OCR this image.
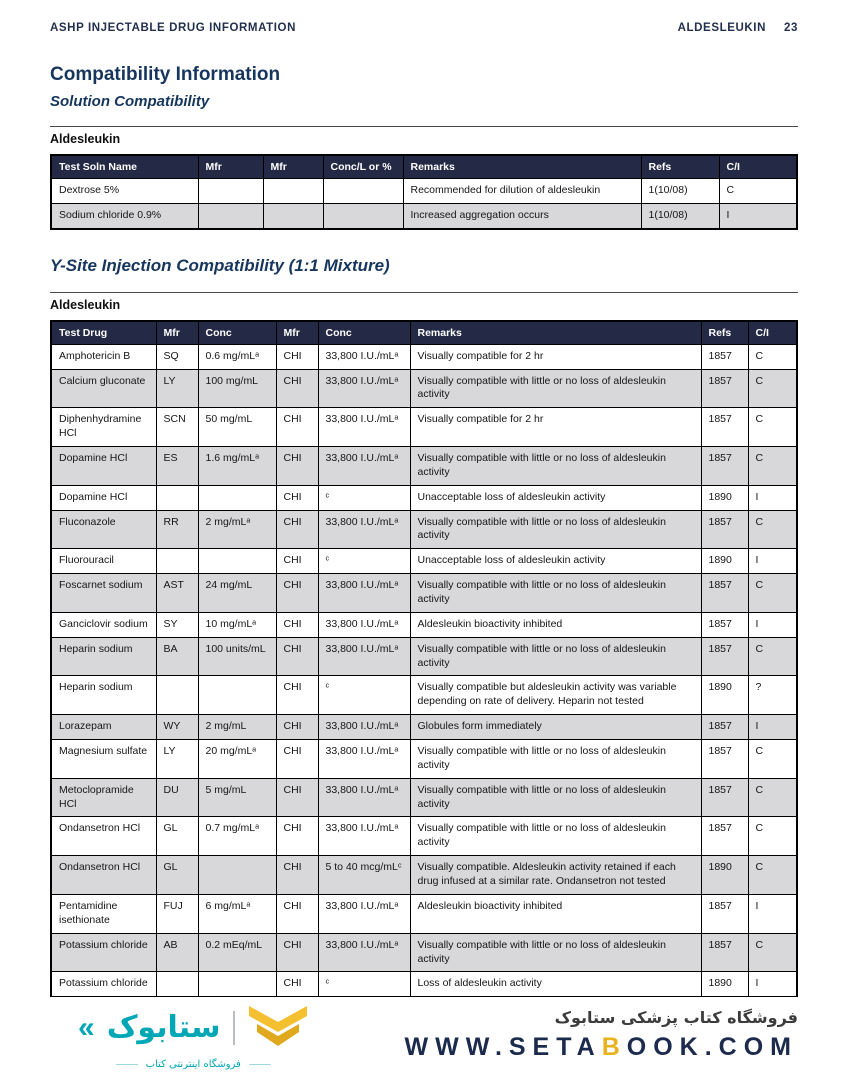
ASHP INJECTABLE DRUG INFORMATION	ALDESLEUKIN 23
Compatibility Information
Solution Compatibility
Aldesleukin
Test Soln Name	Mfr	Mfr	Conc/L or %	Remarks	Refs	C/I
Dextrose 5%				Recommended for dilution of aldesleukin	1(10/08)	C
Sodium chloride 0.9%				Increased aggregation occurs	1(10/08)	I
Y-Site Injection Compatibility (1:1 Mixture)
Aldesleukin
Test Drug	Mfr	Conc	Mfr	Conc	Remarks	Refs	C/I
Amphotericin B	SQ	0.6 mg/mLᵃ	CHI	33,800 I.U./mLᵃ	Visually compatible for 2 hr	1857	C
Calcium gluconate	LY	100 mg/mL	CHI	33,800 I.U./mLᵃ	Visually compatible with little or no loss of aldesleukin activity	1857	C
Diphenhydramine HCl	SCN	50 mg/mL	CHI	33,800 I.U./mLᵃ	Visually compatible for 2 hr	1857	C
Dopamine HCl	ES	1.6 mg/mLᵃ	CHI	33,800 I.U./mLᵃ	Visually compatible with little or no loss of aldesleukin activity	1857	C
Dopamine HCl			CHI	ᶜ	Unacceptable loss of aldesleukin activity	1890	I
Fluconazole	RR	2 mg/mLᵃ	CHI	33,800 I.U./mLᵃ	Visually compatible with little or no loss of aldesleukin activity	1857	C
Fluorouracil			CHI	ᶜ	Unacceptable loss of aldesleukin activity	1890	I
Foscarnet sodium	AST	24 mg/mL	CHI	33,800 I.U./mLᵃ	Visually compatible with little or no loss of aldesleukin activity	1857	C
Ganciclovir sodium	SY	10 mg/mLᵃ	CHI	33,800 I.U./mLᵃ	Aldesleukin bioactivity inhibited	1857	I
Heparin sodium	BA	100 units/mL	CHI	33,800 I.U./mLᵃ	Visually compatible with little or no loss of aldesleukin activity	1857	C
Heparin sodium			CHI	ᶜ	Visually compatible but aldesleukin activity was variable depending on rate of delivery. Heparin not tested	1890	?
Lorazepam	WY	2 mg/mL	CHI	33,800 I.U./mLᵃ	Globules form immediately	1857	I
Magnesium sulfate	LY	20 mg/mLᵃ	CHI	33,800 I.U./mLᵃ	Visually compatible with little or no loss of aldesleukin activity	1857	C
Metoclopramide HCl	DU	5 mg/mL	CHI	33,800 I.U./mLᵃ	Visually compatible with little or no loss of aldesleukin activity	1857	C
Ondansetron HCl	GL	0.7 mg/mLᵃ	CHI	33,800 I.U./mLᵃ	Visually compatible with little or no loss of aldesleukin activity	1857	C
Ondansetron HCl	GL		CHI	5 to 40 mcg/mLᶜ	Visually compatible. Aldesleukin activity retained if each drug infused at a similar rate. Ondansetron not tested	1890	C
Pentamidine isethionate	FUJ	6 mg/mLᵃ	CHI	33,800 I.U./mLᵃ	Aldesleukin bioactivity inhibited	1857	I
Potassium chloride	AB	0.2 mEq/mL	CHI	33,800 I.U./mLᵃ	Visually compatible with little or no loss of aldesleukin activity	1857	C
Potassium chloride			CHI	ᶜ	Loss of aldesleukin activity	1890	I

« ستابوک
فروشگاه اینترنتی کتاب
فروشگاه کتاب پزشکی ستابوک
WWW.SETABOOK.COM
